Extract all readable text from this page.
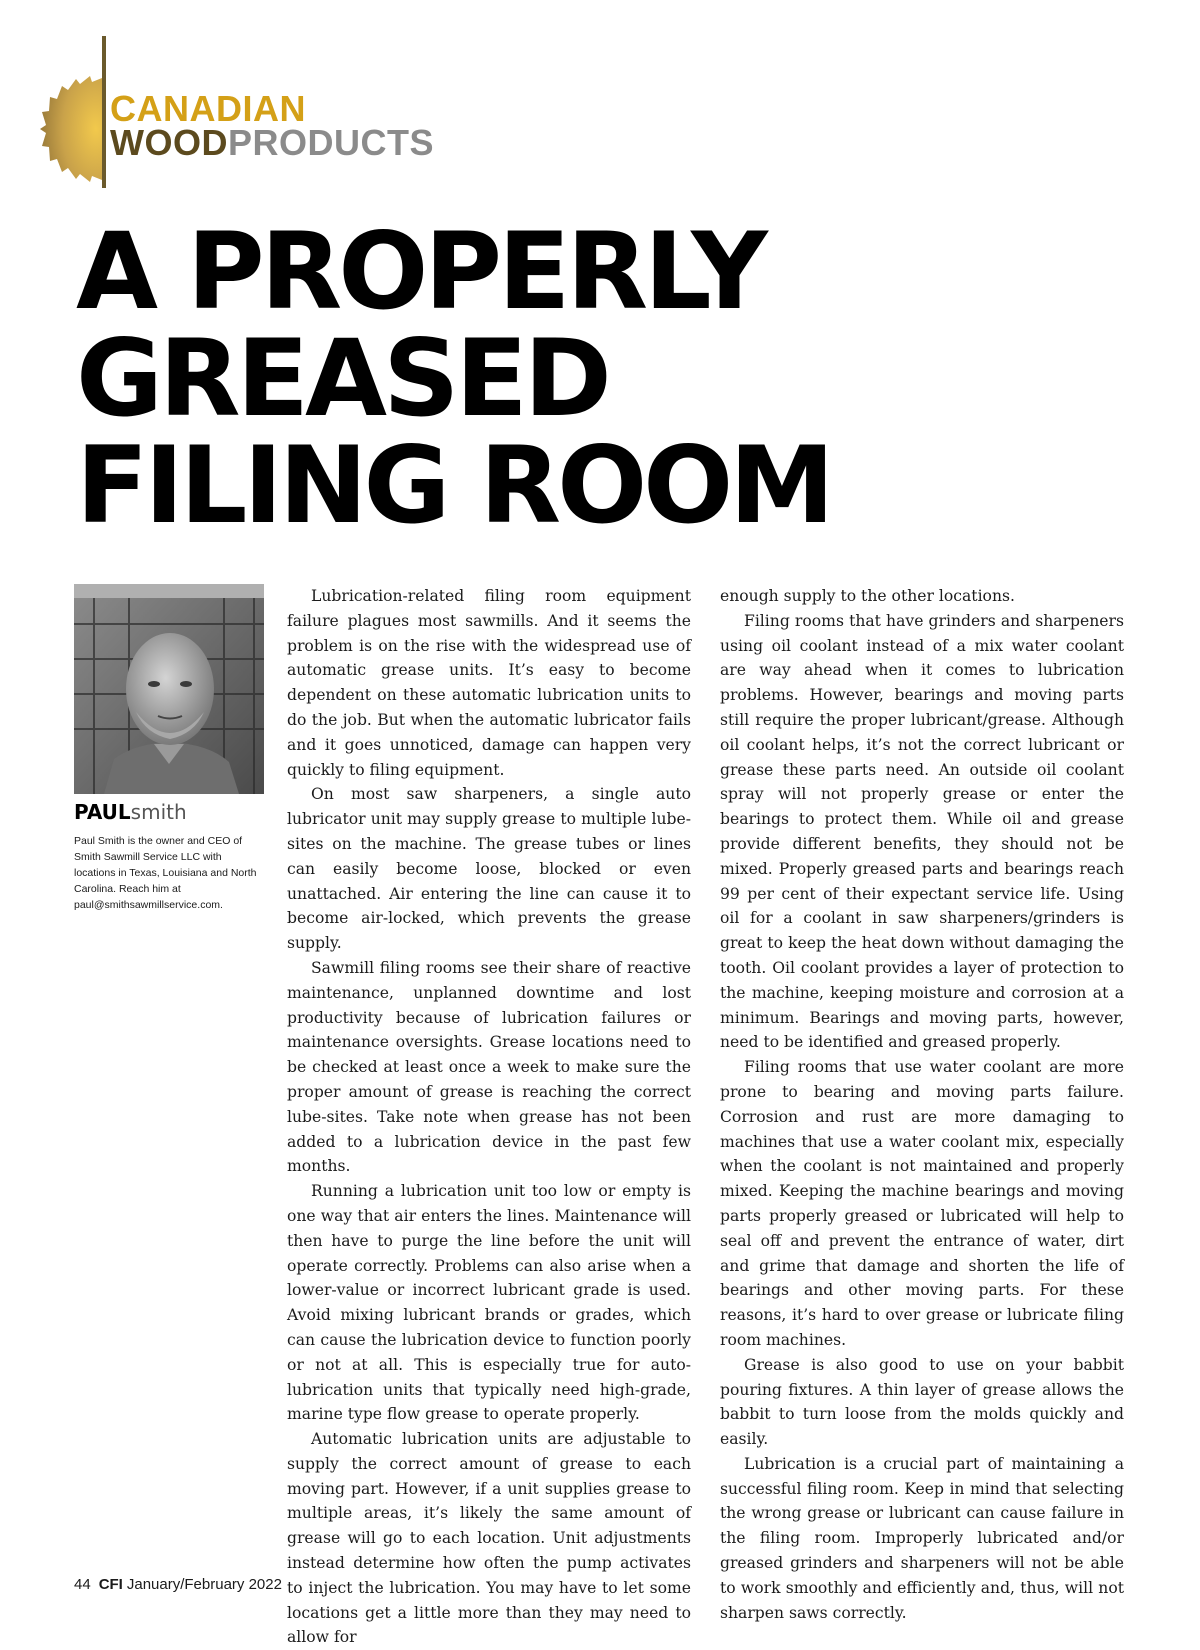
CANADIAN
WOODPRODUCTS
A PROPERLY
GREASED
FILING ROOM
PAULsmith
Paul Smith is the owner and CEO of Smith Sawmill Service LLC with locations in Texas, Louisiana and North Carolina. Reach him at paul@smithsawmillservice.com.

Lubrication-related filing room equipment failure plagues most sawmills. And it seems the problem is on the rise with the widespread use of automatic grease units. It’s easy to become dependent on these automatic lubrication units to do the job. But when the automatic lubricator fails and it goes unnoticed, damage can happen very quickly to filing equipment.

On most saw sharpeners, a single auto lubricator unit may supply grease to multiple lube-sites on the machine. The grease tubes or lines can easily become loose, blocked or even unattached. Air entering the line can cause it to become air-locked, which prevents the grease supply.

Sawmill filing rooms see their share of reactive maintenance, unplanned downtime and lost productivity because of lubrication failures or maintenance oversights. Grease locations need to be checked at least once a week to make sure the proper amount of grease is reaching the correct lube-sites. Take note when grease has not been added to a lubrication device in the past few months.

Running a lubrication unit too low or empty is one way that air enters the lines. Maintenance will then have to purge the line before the unit will operate correctly. Problems can also arise when a lower-value or incorrect lubricant grade is used. Avoid mixing lubricant brands or grades, which can cause the lubrication device to function poorly or not at all. This is especially true for auto-lubrication units that typically need high-grade, marine type flow grease to operate properly.

Automatic lubrication units are adjustable to supply the correct amount of grease to each moving part. However, if a unit supplies grease to multiple areas, it’s likely the same amount of grease will go to each location. Unit adjustments instead determine how often the pump activates to inject the lubrication. You may have to let some locations get a little more than they may need to allow for

enough supply to the other locations.

Filing rooms that have grinders and sharpeners using oil coolant instead of a mix water coolant are way ahead when it comes to lubrication problems. However, bearings and moving parts still require the proper lubricant/grease. Although oil coolant helps, it’s not the correct lubricant or grease these parts need. An outside oil coolant spray will not properly grease or enter the bearings to protect them. While oil and grease provide different benefits, they should not be mixed. Properly greased parts and bearings reach 99 per cent of their expectant service life. Using oil for a coolant in saw sharpeners/grinders is great to keep the heat down without damaging the tooth. Oil coolant provides a layer of protection to the machine, keeping moisture and corrosion at a minimum. Bearings and moving parts, however, need to be identified and greased properly.

Filing rooms that use water coolant are more prone to bearing and moving parts failure. Corrosion and rust are more damaging to machines that use a water coolant mix, especially when the coolant is not maintained and properly mixed. Keeping the machine bearings and moving parts properly greased or lubricated will help to seal off and prevent the entrance of water, dirt and grime that damage and shorten the life of bearings and other moving parts. For these reasons, it’s hard to over grease or lubricate filing room machines.

Grease is also good to use on your babbit pouring fixtures. A thin layer of grease allows the babbit to turn loose from the molds quickly and easily.

Lubrication is a crucial part of maintaining a successful filing room. Keep in mind that selecting the wrong grease or lubricant can cause failure in the filing room. Improperly lubricated and/or greased grinders and sharpeners will not be able to work smoothly and efficiently and, thus, will not sharpen saws correctly.

44 CFI January/February 2022
